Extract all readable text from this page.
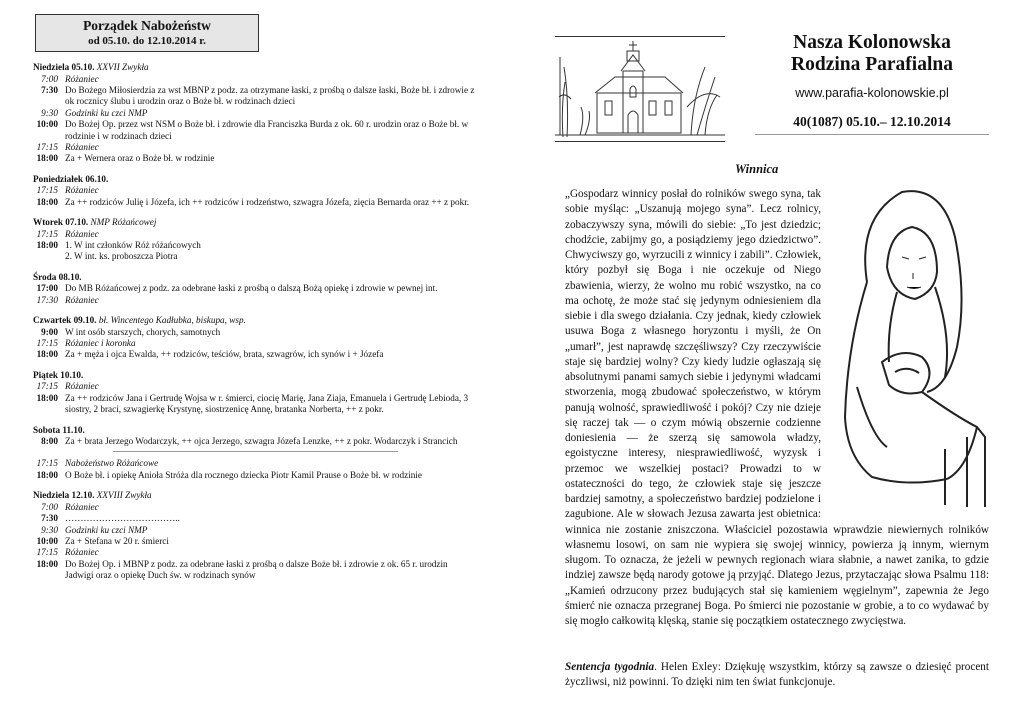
Porządek Nabożeństw
od 05.10. do 12.10.2014 r.
Niedziela 05.10. XXVII Zwykła
7:00 Różaniec
7:30 Do Bożego Miłosierdzia za wst MBNP z podz. za otrzymane łaski, z prośbą o dalsze łaski, Boże bł. i zdrowie z ok rocznicy ślubu i urodzin oraz o Boże bł. w rodzinach dzieci
9:30 Godzinki ku czci NMP
10:00 Do Bożej Op. przez wst NSM o Boże bł. i zdrowie dla Franciszka Burda z ok. 60 r. urodzin oraz o Boże bł. w rodzinie i w rodzinach dzieci
17:15 Różaniec
18:00 Za + Wernera oraz o Boże bł. w rodzinie
Poniedziałek 06.10.
17:15 Różaniec
18:00 Za ++ rodziców Julię i Józefa, ich ++ rodziców i rodzeństwo, szwagra Józefa, zięcia Bernarda oraz ++ z pokr.
Wtorek 07.10. NMP Różańcowej
17:15 Różaniec
18:00 1. W int członków Róż różańcowych
2. W int. ks. proboszcza Piotra
Środa 08.10.
17:00 Do MB Różańcowej z podz. za odebrane łaski z prośbą o dalszą Bożą opiekę i zdrowie w pewnej int.
17:30 Różaniec
Czwartek 09.10. bł. Wincentego Kadłubka, biskupa, wsp.
9:00 W int osób starszych, chorych, samotnych
17:15 Różaniec i koronka
18:00 Za + męża i ojca Ewalda, ++ rodziców, teściów, brata, szwagrów, ich synów i + Józefa
Piątek 10.10.
17:15 Różaniec
18:00 Za ++ rodziców Jana i Gertrudę Wojsa w r. śmierci, ciocię Marię, Jana Ziaja, Emanuela i Gertrudę Lebioda, 3 siostry, 2 braci, szwagierkę Krystynę, siostrzenicę Annę, bratanka Norberta, ++ z pokr.
Sobota 11.10.
8:00 Za + brata Jerzego Wodarczyk, ++ ojca Jerzego, szwagra Józefa Lenzke, ++ z pokr. Wodarczyk i Strancich
17:15 Nabożeństwo Różańcowe
18:00 O Boże bł. i opiekę Anioła Stróża dla rocznego dziecka Piotr Kamil Prause o Boże bł. w rodzinie
Niedziela 12.10. XXVIII Zwykła
7:00 Różaniec
7:30 ………………………………..
9:30 Godzinki ku czci NMP
10:00 Za + Stefana w 20 r. śmierci
17:15 Różaniec
18:00 Do Bożej Op. i MBNP z podz. za odebrane łaski z prośbą o dalsze Boże bł. i zdrowie z ok. 65 r. urodzin Jadwigi oraz o opiekę Duch św. w rodzinach synów
Nasza Kolonowska
Rodzina Parafialna
www.parafia-kolonowskie.pl
40(1087) 05.10.– 12.10.2014
Winnica
„Gospodarz winnicy posłał do rolników swego syna, tak sobie myśląc: „Uszanują mojego syna”. Lecz rolnicy, zobaczywszy syna, mówili do siebie: „To jest dziedzic; chodźcie, zabijmy go, a posiądziemy jego dziedzictwo”. Chwyciwszy go, wyrzucili z winnicy i zabili”. Człowiek, który pozbył się Boga i nie oczekuje od Niego zbawienia, wierzy, że wolno mu robić wszystko, na co ma ochotę, że może stać się jedynym odniesieniem dla siebie i dla swego działania. Czy jednak, kiedy człowiek usuwa Boga z własnego horyzontu i myśli, że On „umarł”, jest naprawdę szczęśliwszy? Czy rzeczywiście staje się bardziej wolny? Czy kiedy ludzie ogłaszają się absolutnymi panami samych siebie i jedynymi władcami stworzenia, mogą zbudować społeczeństwo, w którym panują wolność, sprawiedliwość i pokój? Czy nie dzieje się raczej tak — o czym mówią obszernie codzienne doniesienia — że szerzą się samowola władzy, egoistyczne interesy, niesprawiedliwość, wyzysk i przemoc we wszelkiej postaci? Prowadzi to w ostateczności do tego, że człowiek staje się jeszcze bardziej samotny, a społeczeństwo bardziej podzielone i zagubione. Ale w słowach Jezusa zawarta jest obietnica: winnica nie zostanie zniszczona. Właściciel pozostawia wprawdzie niewiernych rolników własnemu losowi, on sam nie wypiera się swojej winnicy, powierza ją innym, wiernym sługom. To oznacza, że jeżeli w pewnych regionach wiara słabnie, a nawet zanika, to gdzie indziej zawsze będą narody gotowe ją przyjąć. Dlatego Jezus, przytaczając słowa Psalmu 118: „Kamień odrzucony przez budujących stał się kamieniem węgielnym”, zapewnia że Jego śmierć nie oznacza przegranej Boga. Po śmierci nie pozostanie w grobie, a to co wydawać by się mogło całkowitą klęską, stanie się początkiem ostatecznego zwycięstwa.
Sentencja tygodnia. Helen Exley: Dziękuję wszystkim, którzy są zawsze o dziesięć procent życzliwsi, niż powinni. To dzięki nim ten świat funkcjonuje.
